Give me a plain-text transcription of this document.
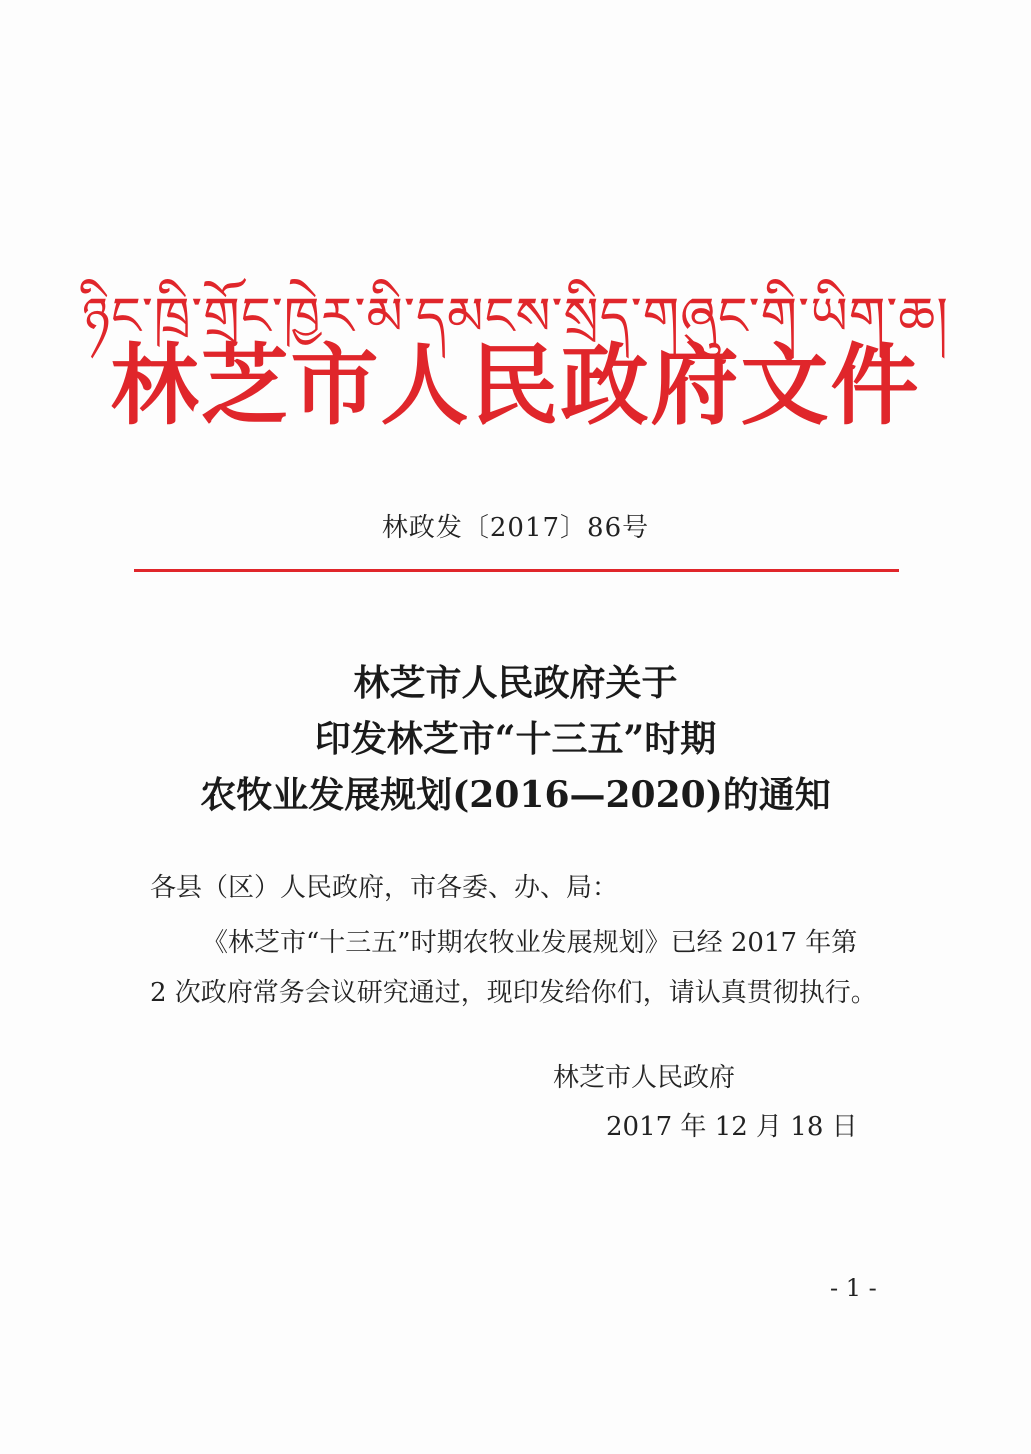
ཉིང་ཁྲི་གྲོང་ཁྱེར་མི་དམངས་སྲིད་གཞུང་གི་ཡིག་ཆ།
林芝市人民政府文件
林政发〔2017〕86号
林芝市人民政府关于
印发林芝市“十三五”时期
农牧业发展规划(2016—2020)的通知
各县（区）人民政府，市各委、办、局：
《林芝市“十三五”时期农牧业发展规划》已经 2017 年第
2 次政府常务会议研究通过，现印发给你们，请认真贯彻执行。
林芝市人民政府
2017 年 12 月 18 日
- 1 -
